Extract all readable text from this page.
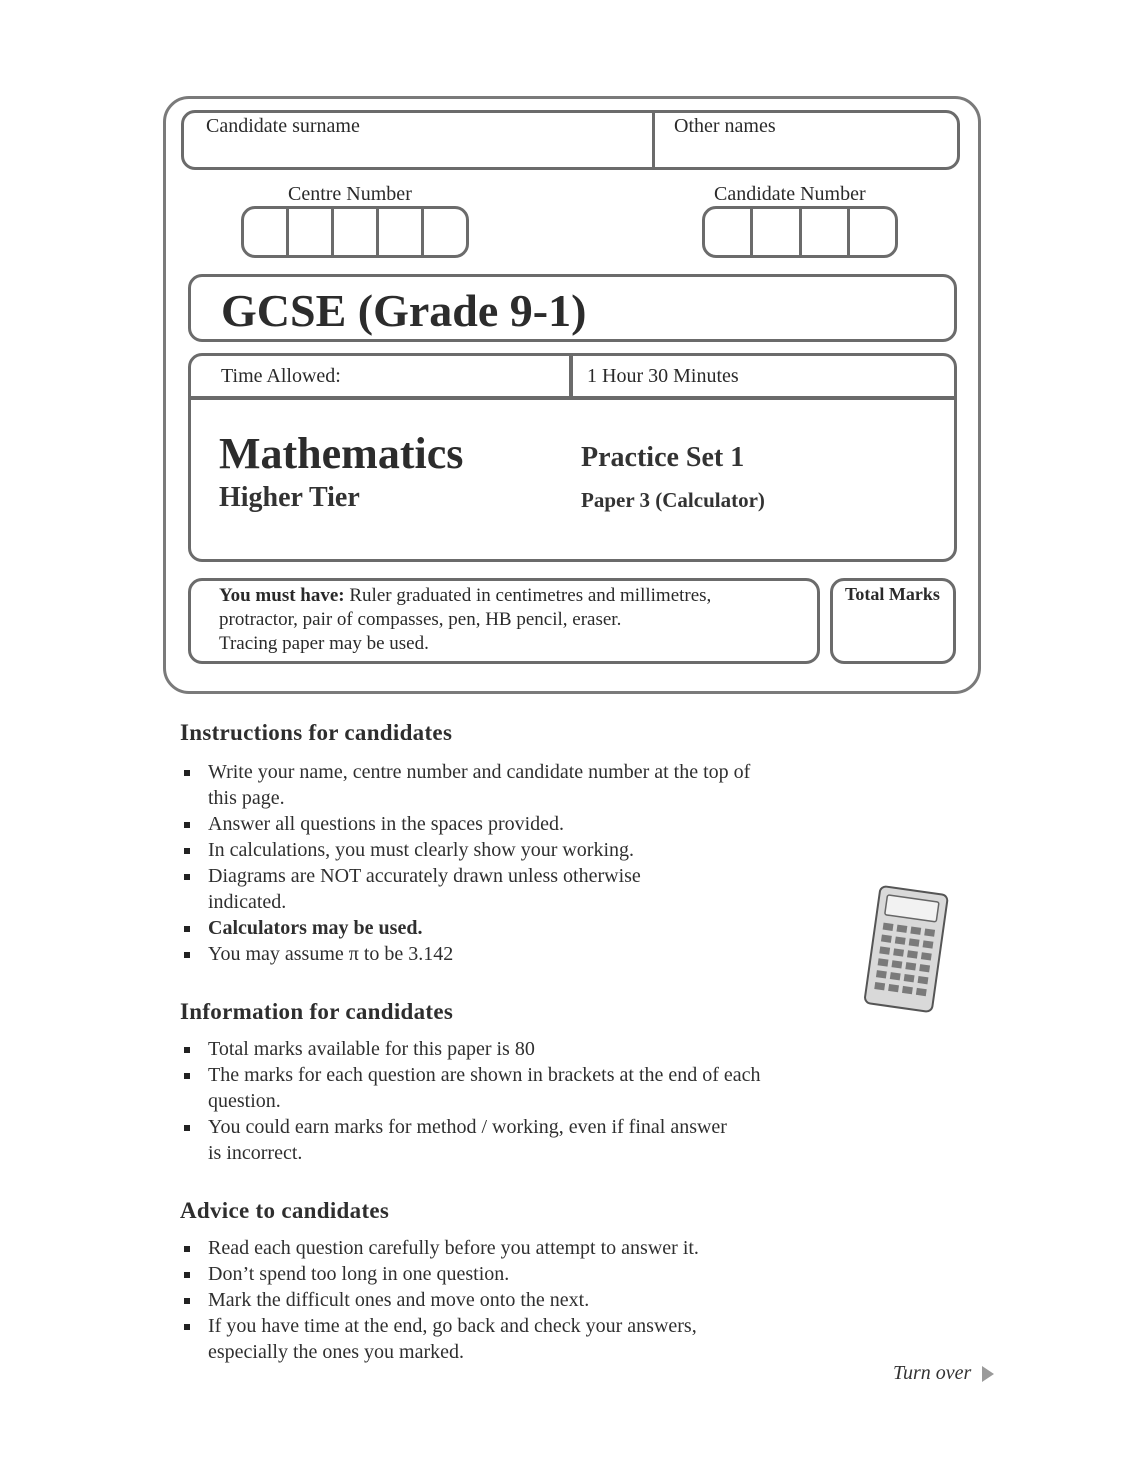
Candidate surname	Other names
Centre Number	Candidate Number
GCSE (Grade 9-1)
Time Allowed:	1 Hour 30 Minutes
Mathematics
Higher Tier
Practice Set 1
Paper 3 (Calculator)
You must have: Ruler graduated in centimetres and millimetres,
protractor, pair of compasses, pen, HB pencil, eraser.
Tracing paper may be used.
Total Marks
Instructions for candidates
Write your name, centre number and candidate number at the top of this page.
Answer all questions in the spaces provided.
In calculations, you must clearly show your working.
Diagrams are NOT accurately drawn unless otherwise indicated.
Calculators may be used.
You may assume π to be 3.142
Information for candidates
Total marks available for this paper is 80
The marks for each question are shown in brackets at the end of each question.
You could earn marks for method / working, even if final answer is incorrect.
Advice to candidates
Read each question carefully before you attempt to answer it.
Don’t spend too long in one question.
Mark the difficult ones and move onto the next.
If you have time at the end, go back and check your answers, especially the ones you marked.
Turn over
